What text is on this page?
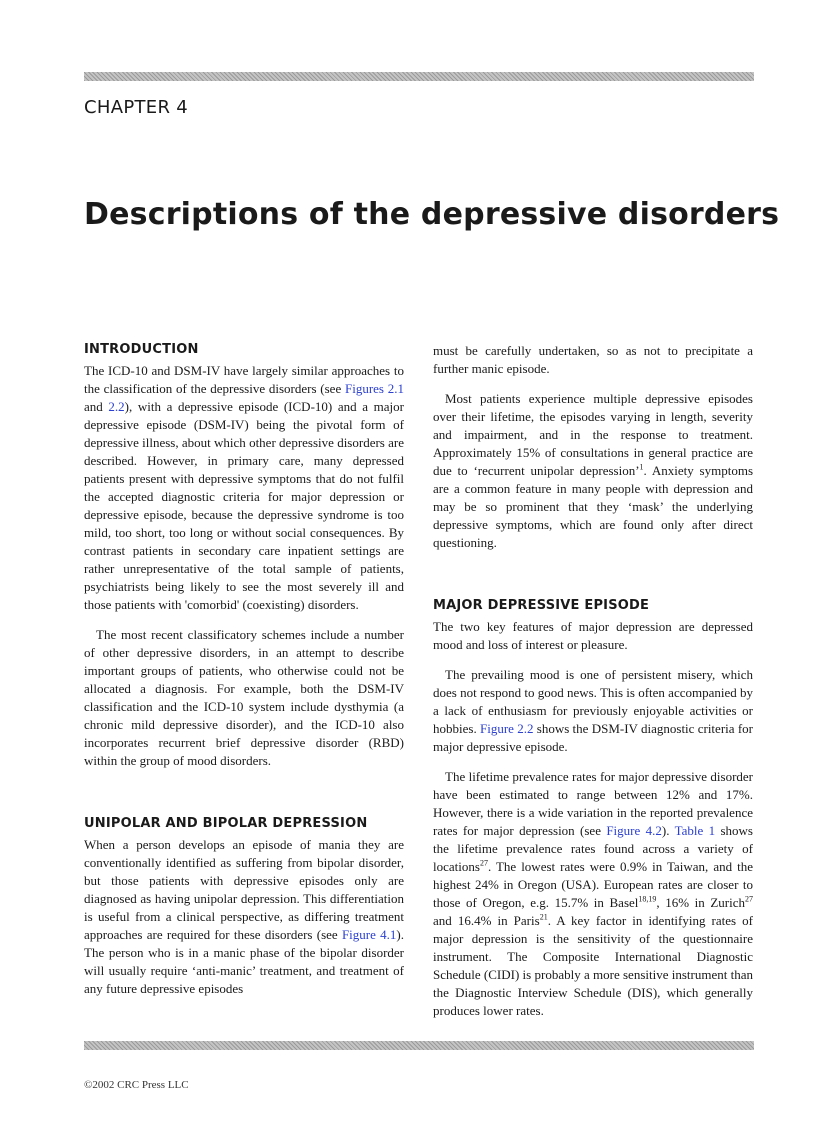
CHAPTER 4
Descriptions of the depressive disorders
INTRODUCTION

The ICD-10 and DSM-IV have largely similar approaches to the classification of the depressive disorders (see Figures 2.1 and 2.2), with a depressive episode (ICD-10) and a major depressive episode (DSM-IV) being the pivotal form of depressive illness, about which other depressive disorders are described. However, in primary care, many depressed patients present with depressive symptoms that do not fulfil the accepted diagnostic criteria for major depression or depressive episode, because the depressive syndrome is too mild, too short, too long or without social consequences. By contrast patients in secondary care inpatient settings are rather unrepresentative of the total sample of patients, psychiatrists being likely to see the most severely ill and those patients with 'comorbid' (coexisting) disorders.

The most recent classificatory schemes include a number of other depressive disorders, in an attempt to describe important groups of patients, who otherwise could not be allocated a diagnosis. For example, both the DSM-IV classification and the ICD-10 system include dysthymia (a chronic mild depressive disorder), and the ICD-10 also incorporates recurrent brief depressive disorder (RBD) within the group of mood disorders.

UNIPOLAR AND BIPOLAR DEPRESSION

When a person develops an episode of mania they are conventionally identified as suffering from bipolar disorder, but those patients with depressive episodes only are diagnosed as having unipolar depression. This differentiation is useful from a clinical perspective, as differing treatment approaches are required for these disorders (see Figure 4.1). The person who is in a manic phase of the bipolar disorder will usually require ‘anti-manic’ treatment, and treatment of any future depressive episodes

must be carefully undertaken, so as not to precipitate a further manic episode.

Most patients experience multiple depressive episodes over their lifetime, the episodes varying in length, severity and impairment, and in the response to treatment. Approximately 15% of consultations in general practice are due to ‘recurrent unipolar depression’$^1$. Anxiety symptoms are a common feature in many people with depression and may be so prominent that they ‘mask’ the underlying depressive symptoms, which are found only after direct questioning.

MAJOR DEPRESSIVE EPISODE

The two key features of major depression are depressed mood and loss of interest or pleasure.

The prevailing mood is one of persistent misery, which does not respond to good news. This is often accompanied by a lack of enthusiasm for previously enjoyable activities or hobbies. Figure 2.2 shows the DSM-IV diagnostic criteria for major depressive episode.

The lifetime prevalence rates for major depressive disorder have been estimated to range between 12% and 17%. However, there is a wide variation in the reported prevalence rates for major depression (see Figure 4.2). Table 1 shows the lifetime prevalence rates found across a variety of locations$^{27}$. The lowest rates were 0.9% in Taiwan, and the highest 24% in Oregon (USA). European rates are closer to those of Oregon, e.g. 15.7% in Basel$^{18,19}$, 16% in Zurich$^{27}$ and 16.4% in Paris$^{21}$. A key factor in identifying rates of major depression is the sensitivity of the questionnaire instrument. The Composite International Diagnostic Schedule (CIDI) is probably a more sensitive instrument than the Diagnostic Interview Schedule (DIS), which generally produces lower rates.

©2002 CRC Press LLC
